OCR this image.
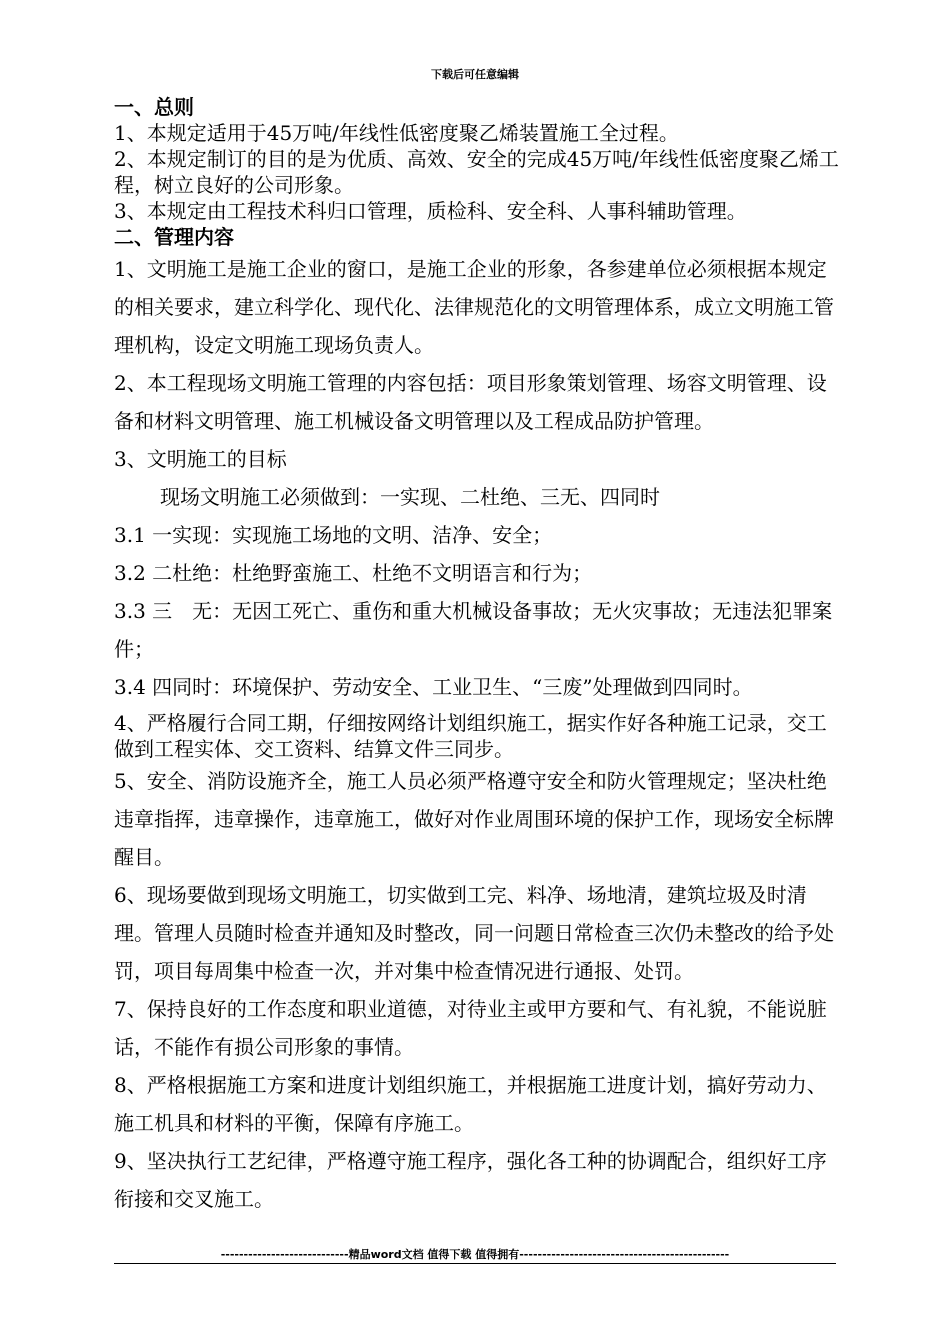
下载后可任意编辑

一、总则

1、本规定适用于45万吨/年线性低密度聚乙烯装置施工全过程。

2、本规定制订的目的是为优质、高效、安全的完成45万吨/年线性低密度聚乙烯工程，树立良好的公司形象。

3、本规定由工程技术科归口管理，质检科、安全科、人事科辅助管理。

二、管理内容

1、文明施工是施工企业的窗口，是施工企业的形象，各参建单位必须根据本规定的相关要求，建立科学化、现代化、法律规范化的文明管理体系，成立文明施工管理机构，设定文明施工现场负责人。

2、本工程现场文明施工管理的内容包括：项目形象策划管理、场容文明管理、设备和材料文明管理、施工机械设备文明管理以及工程成品防护管理。

3、文明施工的目标

现场文明施工必须做到：一实现、二杜绝、三无、四同时

3.1 一实现：实现施工场地的文明、洁净、安全；

3.2 二杜绝：杜绝野蛮施工、杜绝不文明语言和行为；

3.3 三　无：无因工死亡、重伤和重大机械设备事故；无火灾事故；无违法犯罪案件；

3.4 四同时：环境保护、劳动安全、工业卫生、“三废”处理做到四同时。

4、严格履行合同工期，仔细按网络计划组织施工，据实作好各种施工记录，交工做到工程实体、交工资料、结算文件三同步。

5、安全、消防设施齐全，施工人员必须严格遵守安全和防火管理规定；坚决杜绝违章指挥，违章操作，违章施工，做好对作业周围环境的保护工作，现场安全标牌醒目。

6、现场要做到现场文明施工，切实做到工完、料净、场地清，建筑垃圾及时清理。管理人员随时检查并通知及时整改，同一问题日常检查三次仍未整改的给予处罚，项目每周集中检查一次，并对集中检查情况进行通报、处罚。

7、保持良好的工作态度和职业道德，对待业主或甲方要和气、有礼貌，不能说脏话，不能作有损公司形象的事情。

8、严格根据施工方案和进度计划组织施工，并根据施工进度计划，搞好劳动力、施工机具和材料的平衡，保障有序施工。

9、坚决执行工艺纪律，严格遵守施工程序，强化各工种的协调配合，组织好工序衔接和交叉施工。

----------------------------精品word文档 值得下载 值得拥有----------------------------------------------
